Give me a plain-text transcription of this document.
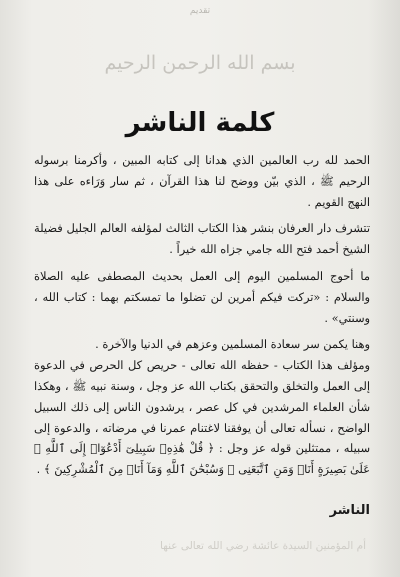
تقديم
بسم الله الرحمن الرحيم
كلمة الناشر

الحمد لله رب العالمين الذي هدانا إلى كتابه المبين ، وأكرمنا برسوله الرحيم ﷺ ، الذي بيّن ووضح لنا هذا القرآن ، ثم سار وَرَاءه على هذا النهج القويم .

تتشرف دار العرفان بنشر هذا الكتاب الثالث لمؤلفه العالم الجليل فضيلة الشيخ أحمد فتح الله جامي جزاه الله خيراً .

ما أحوج المسلمين اليوم إلى العمل بحديث المصطفى عليه الصلاة والسلام : «تركت فيكم أمرين لن تضلوا ما تمسكتم بهما : كتاب الله ، وسنتي» .

وهنا يكمن سر سعادة المسلمين وعزهم في الدنيا والآخرة .

ومؤلف هذا الكتاب - حفظه الله تعالى - حريص كل الحرص في الدعوة إلى العمل والتخلق والتحقق بكتاب الله عز وجل ، وسنة نبيه ﷺ ، وهكذا شأن العلماء المرشدين في كل عصر ، يرشدون الناس إلى ذلك السبيل الواضح ، نسأله تعالى أن يوفقنا لاغتنام عمرنا في مرضاته ، والدعوة إلى سبيله ، ممتثلين قوله عز وجل : ﴿ قُلْ هَٰذِهِۦ سَبِيلِىٓ أَدْعُوٓا۟ إِلَى ٱللَّهِ ۚ عَلَىٰ بَصِيرَةٍ أَنَا۠ وَمَنِ ٱتَّبَعَنِى ۖ وَسُبْحَٰنَ ٱللَّهِ وَمَآ أَنَا۠ مِنَ ٱلْمُشْرِكِينَ ﴾ .

الناشر
أم المؤمنين السيدة عائشة رضي الله تعالى عنها
